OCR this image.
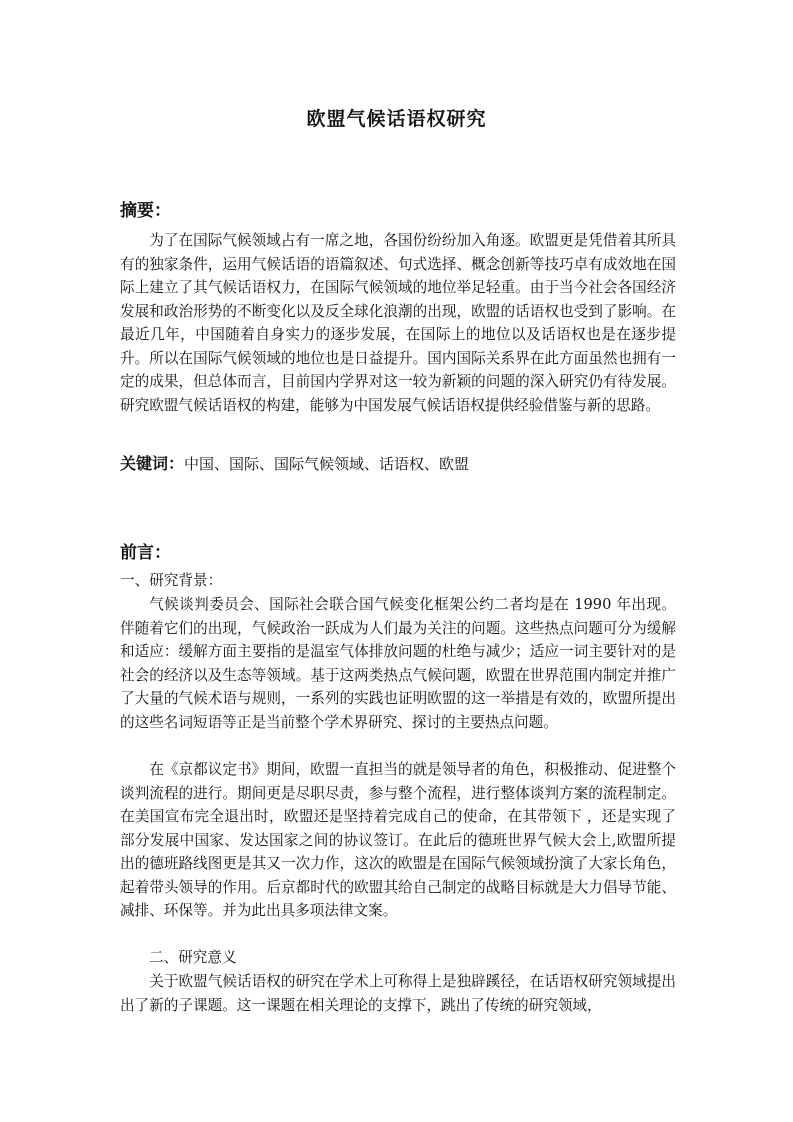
欧盟气候话语权研究
摘要：
为了在国际气候领域占有一席之地，各国份纷纷加入角逐。欧盟更是凭借着其所具有的独家条件，运用气候话语的语篇叙述、句式选择、概念创新等技巧卓有成效地在国际上建立了其气候话语权力，在国际气候领域的地位举足轻重。由于当今社会各国经济发展和政治形势的不断变化以及反全球化浪潮的出现，欧盟的话语权也受到了影响。在最近几年，中国随着自身实力的逐步发展，在国际上的地位以及话语权也是在逐步提升。所以在国际气候领域的地位也是日益提升。国内国际关系界在此方面虽然也拥有一定的成果，但总体而言，目前国内学界对这一较为新颖的问题的深入研究仍有待发展。研究欧盟气候话语权的构建，能够为中国发展气候话语权提供经验借鉴与新的思路。
关键词：中国、国际、国际气候领域、话语权、欧盟
前言：
一、研究背景：
气候谈判委员会、国际社会联合国气候变化框架公约二者均是在 1990 年出现。伴随着它们的出现，气候政治一跃成为人们最为关注的问题。这些热点问题可分为缓解和适应：缓解方面主要指的是温室气体排放问题的杜绝与减少；适应一词主要针对的是社会的经济以及生态等领域。基于这两类热点气候问题，欧盟在世界范围内制定并推广了大量的气候术语与规则，一系列的实践也证明欧盟的这一举措是有效的，欧盟所提出的这些名词短语等正是当前整个学术界研究、探讨的主要热点问题。
在《京都议定书》期间，欧盟一直担当的就是领导者的角色，积极推动、促进整个谈判流程的进行。期间更是尽职尽责，参与整个流程，进行整体谈判方案的流程制定。在美国宣布完全退出时，欧盟还是坚持着完成自己的使命，在其带领下 ，还是实现了部分发展中国家、发达国家之间的协议签订。在此后的德班世界气候大会上,欧盟所提出的德班路线图更是其又一次力作，这次的欧盟是在国际气候领域扮演了大家长角色，起着带头领导的作用。后京都时代的欧盟其给自己制定的战略目标就是大力倡导节能、减排、环保等。并为此出具多项法律文案。
二、研究意义
关于欧盟气候话语权的研究在学术上可称得上是独辟蹊径，在话语权研究领域提出出了新的子课题。这一课题在相关理论的支撑下，跳出了传统的研究领域，
